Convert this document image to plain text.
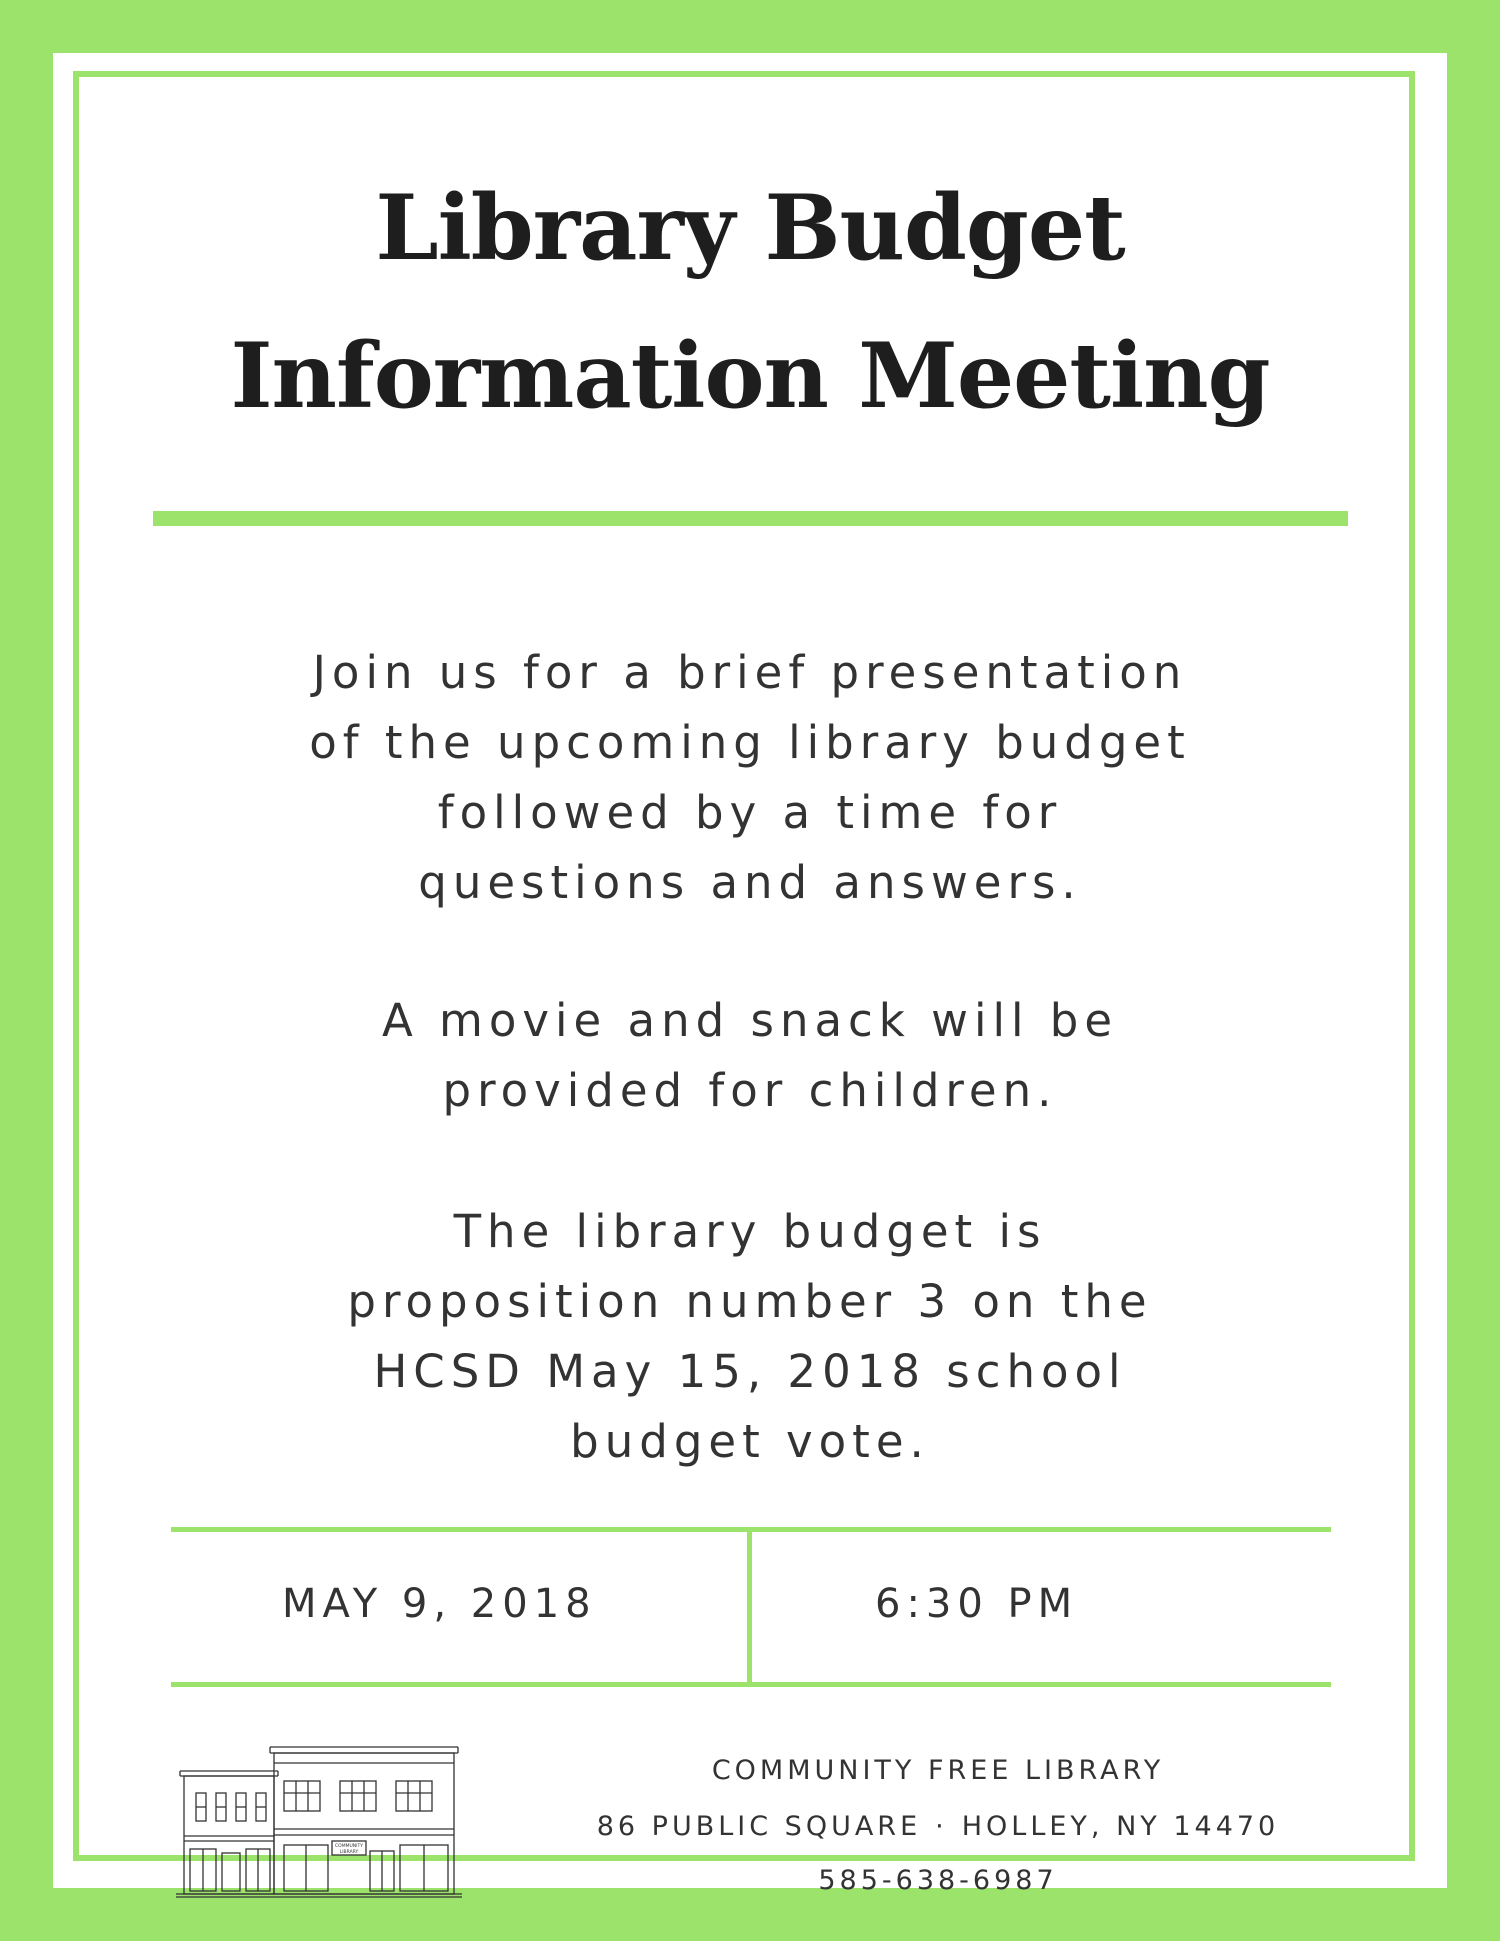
Library Budget
Information Meeting
Join us for a brief presentation
of the upcoming library budget
followed by a time for
questions and answers.
A movie and snack will be
provided for children.
The library budget is
proposition number 3 on the
HCSD May 15, 2018 school
budget vote.
MAY 9, 2018	6:30 PM
COMMUNITY
LIBRARY
COMMUNITY FREE LIBRARY
86 PUBLIC SQUARE · HOLLEY, NY 14470
585-638-6987
